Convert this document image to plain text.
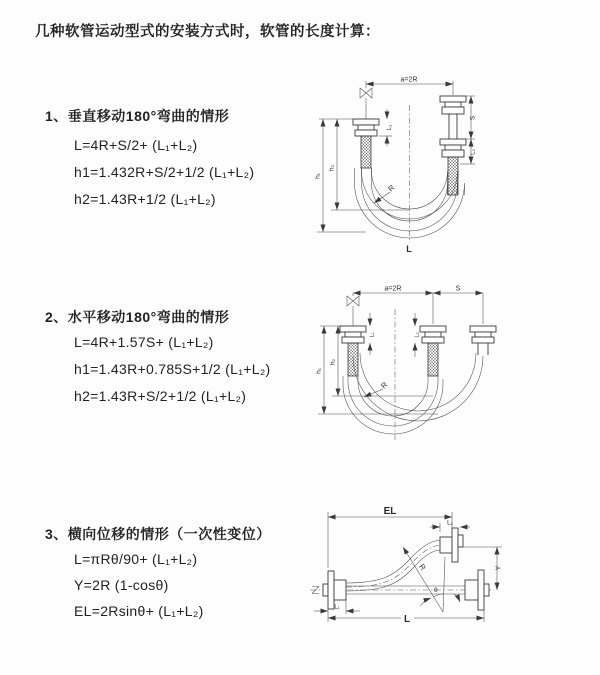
几种软管运动型式的安装方式时，软管的长度计算：
1、垂直移动180°弯曲的情形
L=4R+S/2+ (L₁+L₂)
h1=1.432R+S/2+1/2 (L₁+L₂)
h2=1.43R+1/2 (L₁+L₂)
2、水平移动180°弯曲的情形
L=4R+1.57S+ (L₁+L₂)
h1=1.43R+0.785S+1/2 (L₁+L₂)
h2=1.43R+S/2+1/2 (L₁+L₂)
3、横向位移的情形（一次性变位）
L=πRθ/90+ (L₁+L₂)
Y=2R (1-cosθ)
EL=2Rsinθ+ (L₁+L₂)
a=2R
h₁
h₂
L₁
S
L₂
R
L
a=2R	S
h₁
h₂
L₁	L₂
R
θ
R
EL
L₂
Y
L₁
L
